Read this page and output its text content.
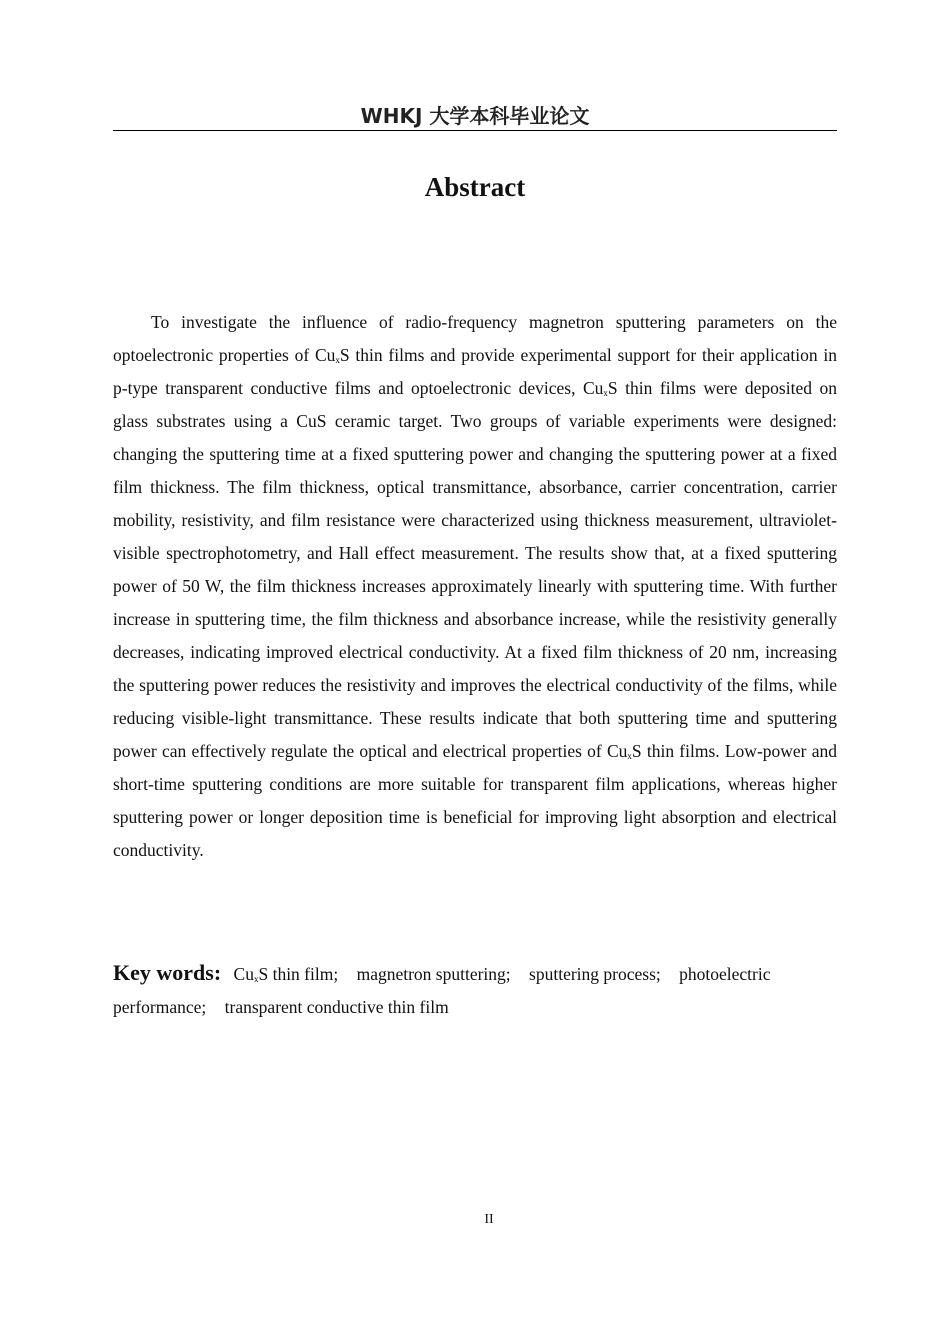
WHKJ 大学本科毕业论文
Abstract

To investigate the influence of radio-frequency magnetron sputtering parameters on the optoelectronic properties of $Cu_xS$ thin films and provide experimental support for their application in p-type transparent conductive films and optoelectronic devices, $Cu_xS$ thin films were deposited on glass substrates using a CuS ceramic target. Two groups of variable experiments were designed: changing the sputtering time at a fixed sputtering power and changing the sputtering power at a fixed film thickness. The film thickness, optical transmittance, absorbance, carrier concentration, carrier mobility, resistivity, and film resistance were characterized using thickness measurement, ultraviolet-visible spectrophotometry, and Hall effect measurement. The results show that, at a fixed sputtering power of 50 W, the film thickness increases approximately linearly with sputtering time. With further increase in sputtering time, the film thickness and absorbance increase, while the resistivity generally decreases, indicating improved electrical conductivity. At a fixed film thickness of 20 nm, increasing the sputtering power reduces the resistivity and improves the electrical conductivity of the films, while reducing visible-light transmittance. These results indicate that both sputtering time and sputtering power can effectively regulate the optical and electrical properties of $Cu_xS$ thin films. Low-power and short-time sputtering conditions are more suitable for transparent film applications, whereas higher sputtering power or longer deposition time is beneficial for improving light absorption and electrical conductivity.

Key words: $Cu_xS$ thin film; magnetron sputtering; sputtering process; photoelectric performance; transparent conductive thin film
II
